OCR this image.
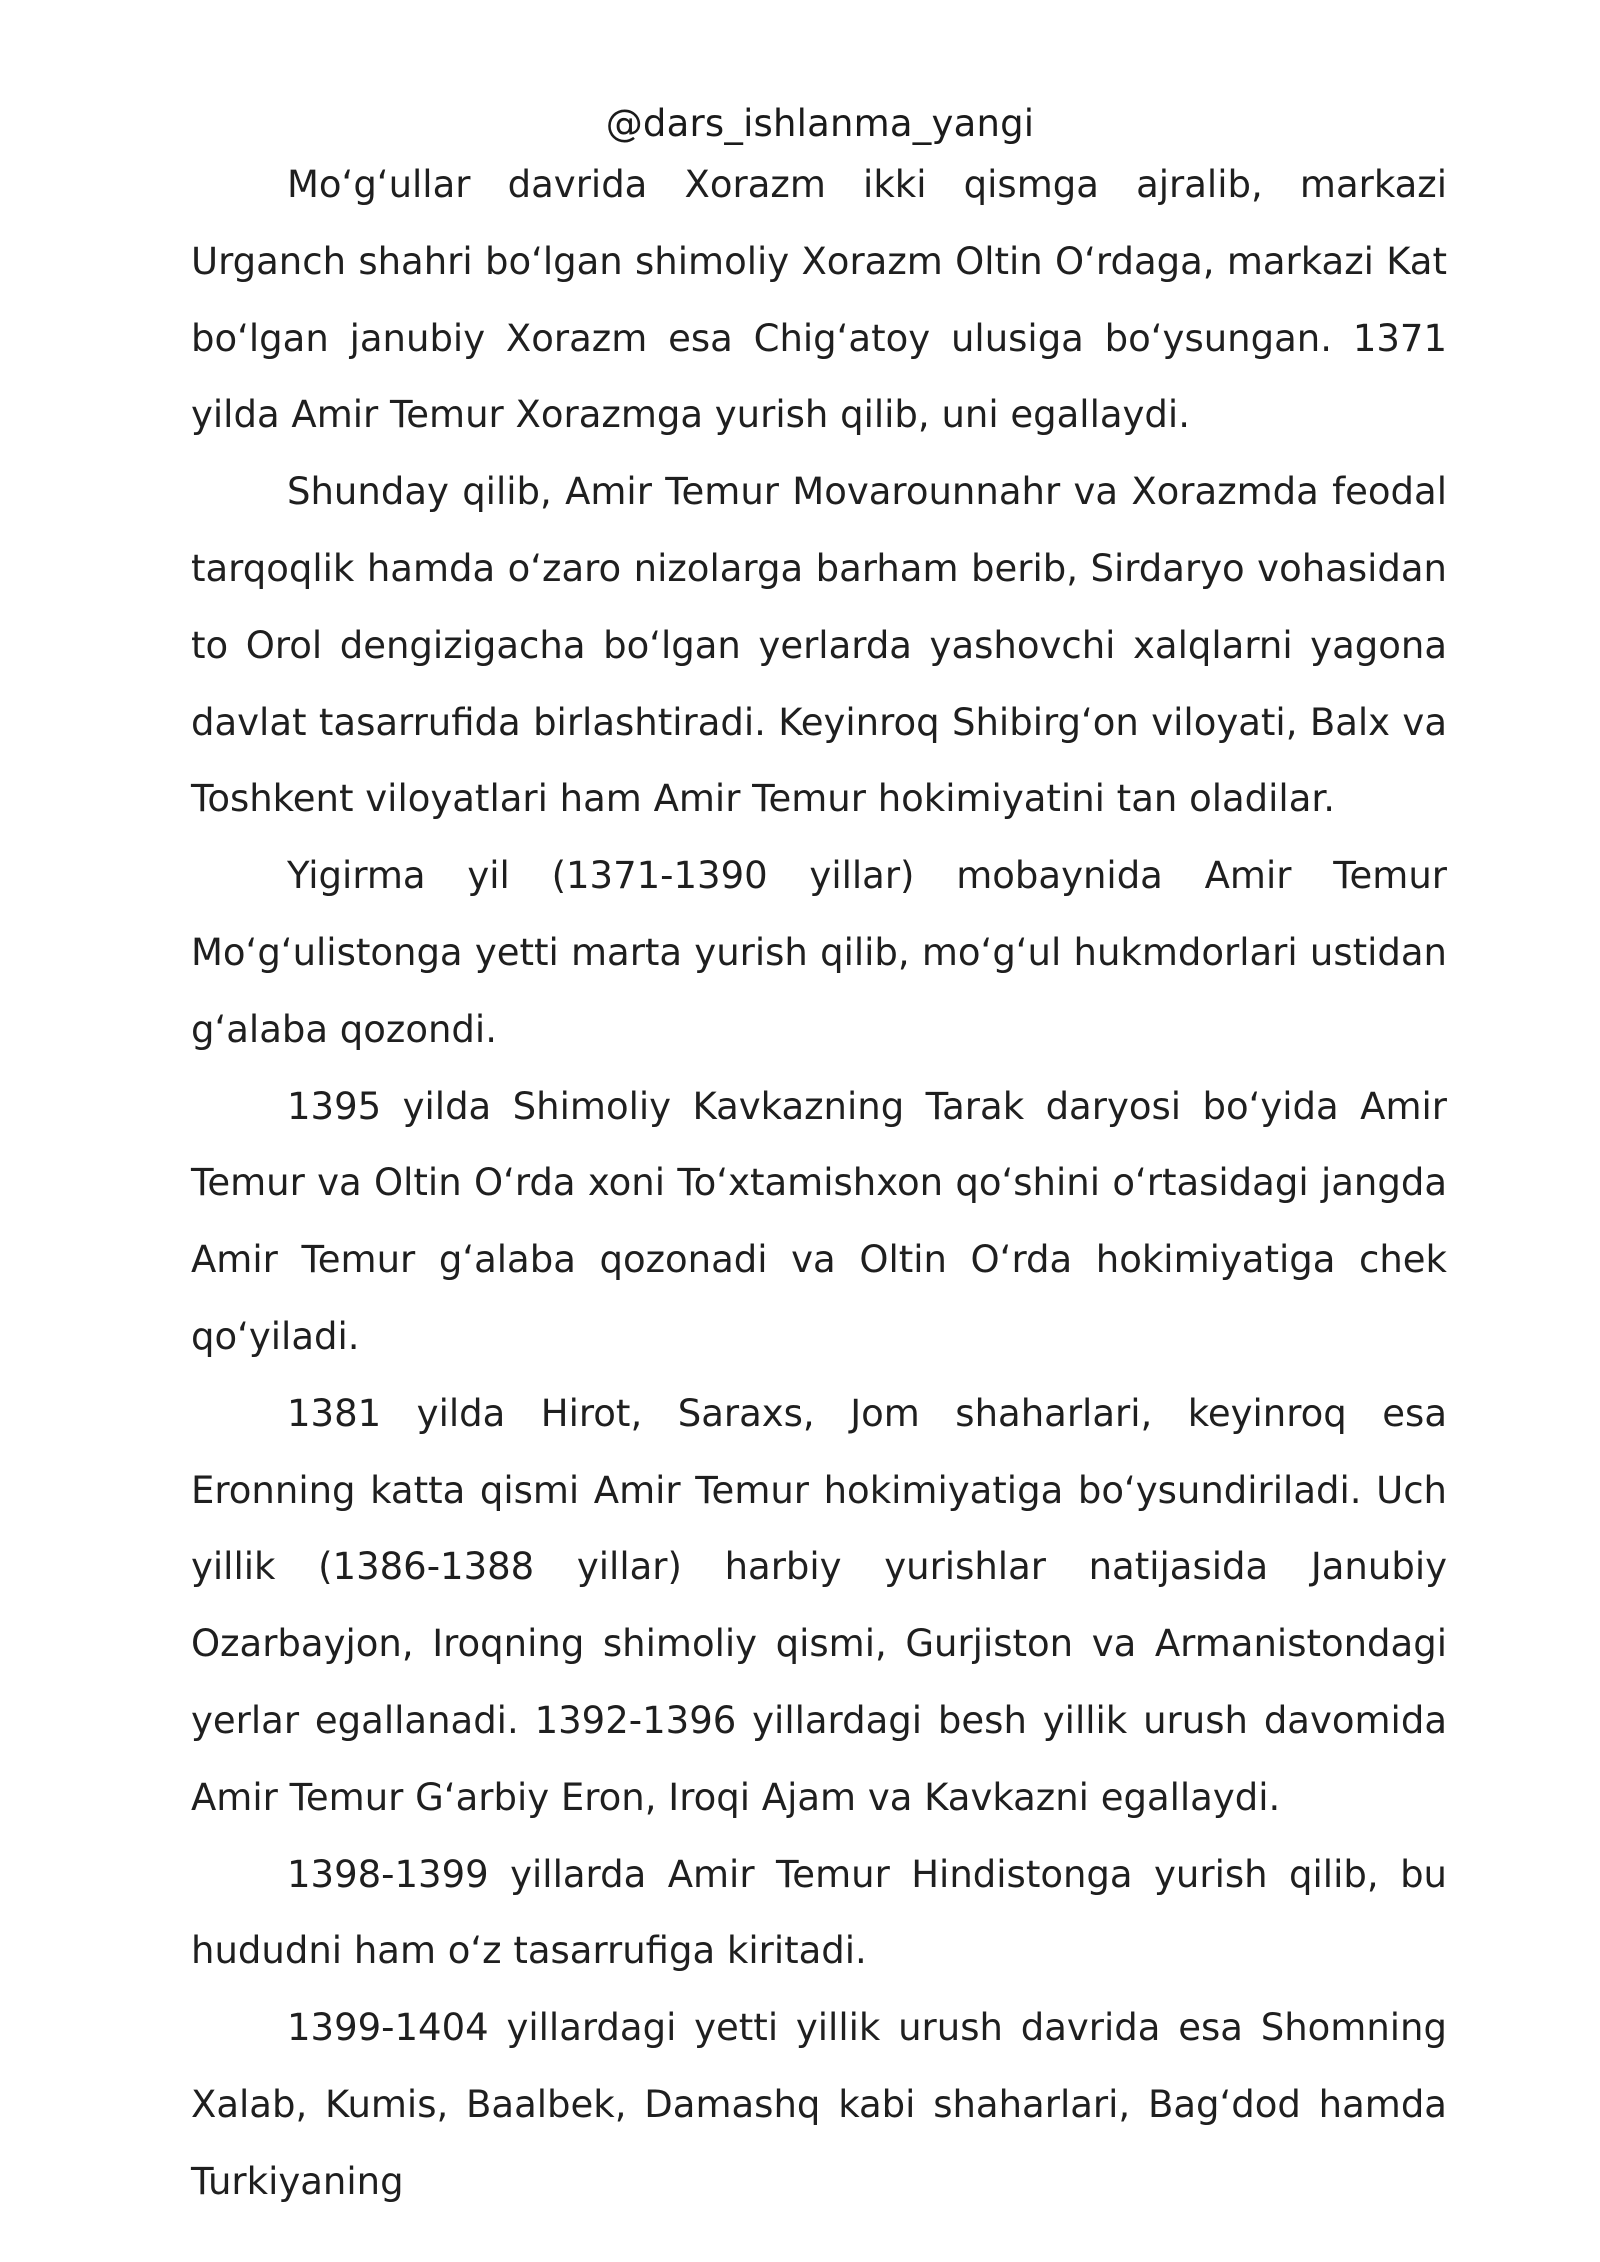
@dars_ishlanma_yangi

Mo‘g‘ullar davrida Xorazm ikki qismga ajralib, markazi Urganch shahri bo‘lgan shimoliy Xorazm Oltin O‘rdaga, markazi Kat bo‘lgan janubiy Xorazm esa Chig‘atoy ulusiga bo‘ysungan. 1371 yilda Amir Temur Xorazmga yurish qilib, uni egallaydi.

Shunday qilib, Amir Temur Movarounnahr va Xorazmda feodal tarqoqlik hamda o‘zaro nizolarga barham berib, Sirdaryo vohasidan to Orol dengizigacha bo‘lgan yerlarda yashovchi xalqlarni yagona davlat tasarrufida birlashtiradi. Keyinroq Shibirg‘on viloyati, Balx va Toshkent viloyatlari ham Amir Temur hokimiyatini tan oladilar.

Yigirma yil (1371-1390 yillar) mobaynida Amir Temur Mo‘g‘ulistonga yetti marta yurish qilib, mo‘g‘ul hukmdorlari ustidan g‘alaba qozondi.

1395 yilda Shimoliy Kavkazning Tarak daryosi bo‘yida Amir Temur va Oltin O‘rda xoni To‘xtamishxon qo‘shini o‘rtasidagi jangda Amir Temur g‘alaba qozonadi va Oltin O‘rda hokimiyatiga chek qo‘yiladi.

1381 yilda Hirot, Saraxs, Jom shaharlari, keyinroq esa Eronning katta qismi Amir Temur hokimiyatiga bo‘ysundiriladi. Uch yillik (1386-1388 yillar) harbiy yurishlar natijasida Janubiy Ozarbayjon, Iroqning shimoliy qismi, Gurjiston va Armanistondagi yerlar egallanadi. 1392-1396 yillardagi besh yillik urush davomida Amir Temur G‘arbiy Eron, Iroqi Ajam va Kavkazni egallaydi.

1398-1399 yillarda Amir Temur Hindistonga yurish qilib, bu hududni ham o‘z tasarrufiga kiritadi.

1399-1404 yillardagi yetti yillik urush davrida esa Shomning Xalab, Kumis, Baalbek, Damashq kabi shaharlari, Bag‘dod hamda Turkiyaning
